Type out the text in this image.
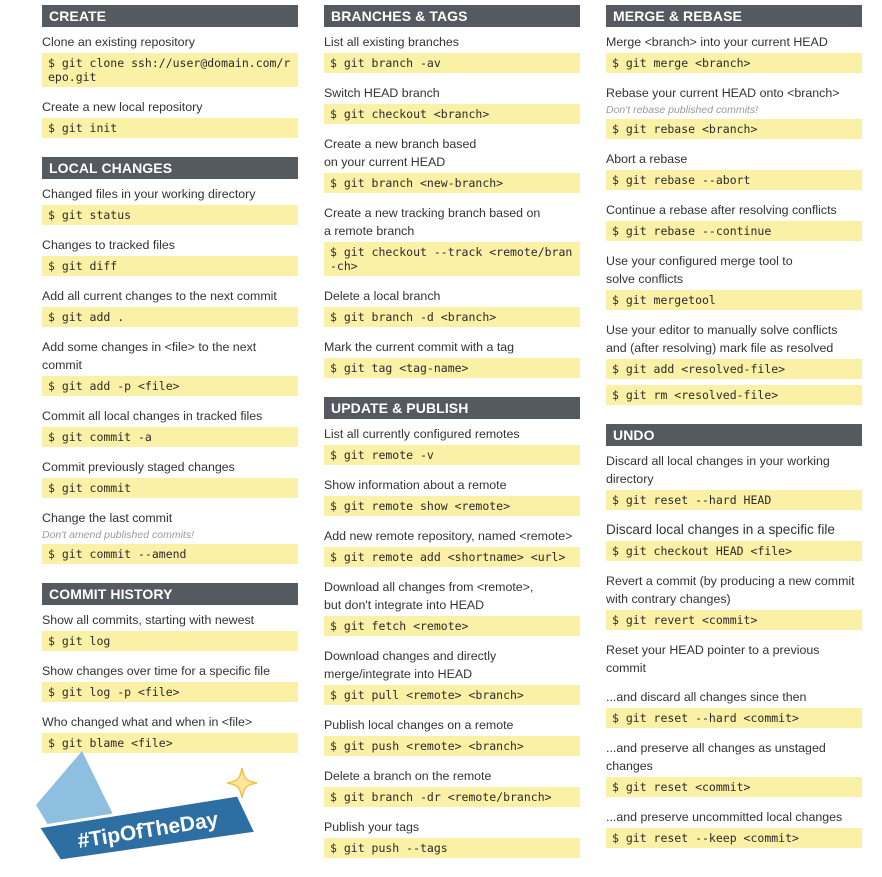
CREATE
Clone an existing repository
$ git clone ssh://user@domain.com/repo.git
Create a new local repository
$ git init
LOCAL CHANGES
Changed files in your working directory
$ git status
Changes to tracked files
$ git diff
Add all current changes to the next commit
$ git add .
Add some changes in <file> to the next commit
$ git add -p <file>
Commit all local changes in tracked files
$ git commit -a
Commit previously staged changes
$ git commit
Change the last commit
Don't amend published commits!
$ git commit --amend
COMMIT HISTORY
Show all commits, starting with newest
$ git log
Show changes over time for a specific file
$ git log -p <file>
Who changed what and when in <file>
$ git blame <file>
BRANCHES & TAGS
List all existing branches
$ git branch -av
Switch HEAD branch
$ git checkout <branch>
Create a new branch based
on your current HEAD
$ git branch <new-branch>
Create a new tracking branch based on
a remote branch
$ git checkout --track <remote/bran-ch>
Delete a local branch
$ git branch -d <branch>
Mark the current commit with a tag
$ git tag <tag-name>
UPDATE & PUBLISH
List all currently configured remotes
$ git remote -v
Show information about a remote
$ git remote show <remote>
Add new remote repository, named <remote>
$ git remote add <shortname> <url>
Download all changes from <remote>,
but don't integrate into HEAD
$ git fetch <remote>
Download changes and directly
merge/integrate into HEAD
$ git pull <remote> <branch>
Publish local changes on a remote
$ git push <remote> <branch>
Delete a branch on the remote
$ git branch -dr <remote/branch>
Publish your tags
$ git push --tags
MERGE & REBASE
Merge <branch> into your current HEAD
$ git merge <branch>
Rebase your current HEAD onto <branch>
Don't rebase published commits!
$ git rebase <branch>
Abort a rebase
$ git rebase --abort
Continue a rebase after resolving conflicts
$ git rebase --continue
Use your configured merge tool to
solve conflicts
$ git mergetool
Use your editor to manually solve conflicts
and (after resolving) mark file as resolved
$ git add <resolved-file>
$ git rm <resolved-file>
UNDO
Discard all local changes in your working
directory
$ git reset --hard HEAD
Discard local changes in a specific file
$ git checkout HEAD <file>
Revert a commit (by producing a new commit
with contrary changes)
$ git revert <commit>
Reset your HEAD pointer to a previous commit
...and discard all changes since then
$ git reset --hard <commit>
...and preserve all changes as unstaged
changes
$ git reset <commit>
...and preserve uncommitted local changes
$ git reset --keep <commit>
#TipOfTheDay
